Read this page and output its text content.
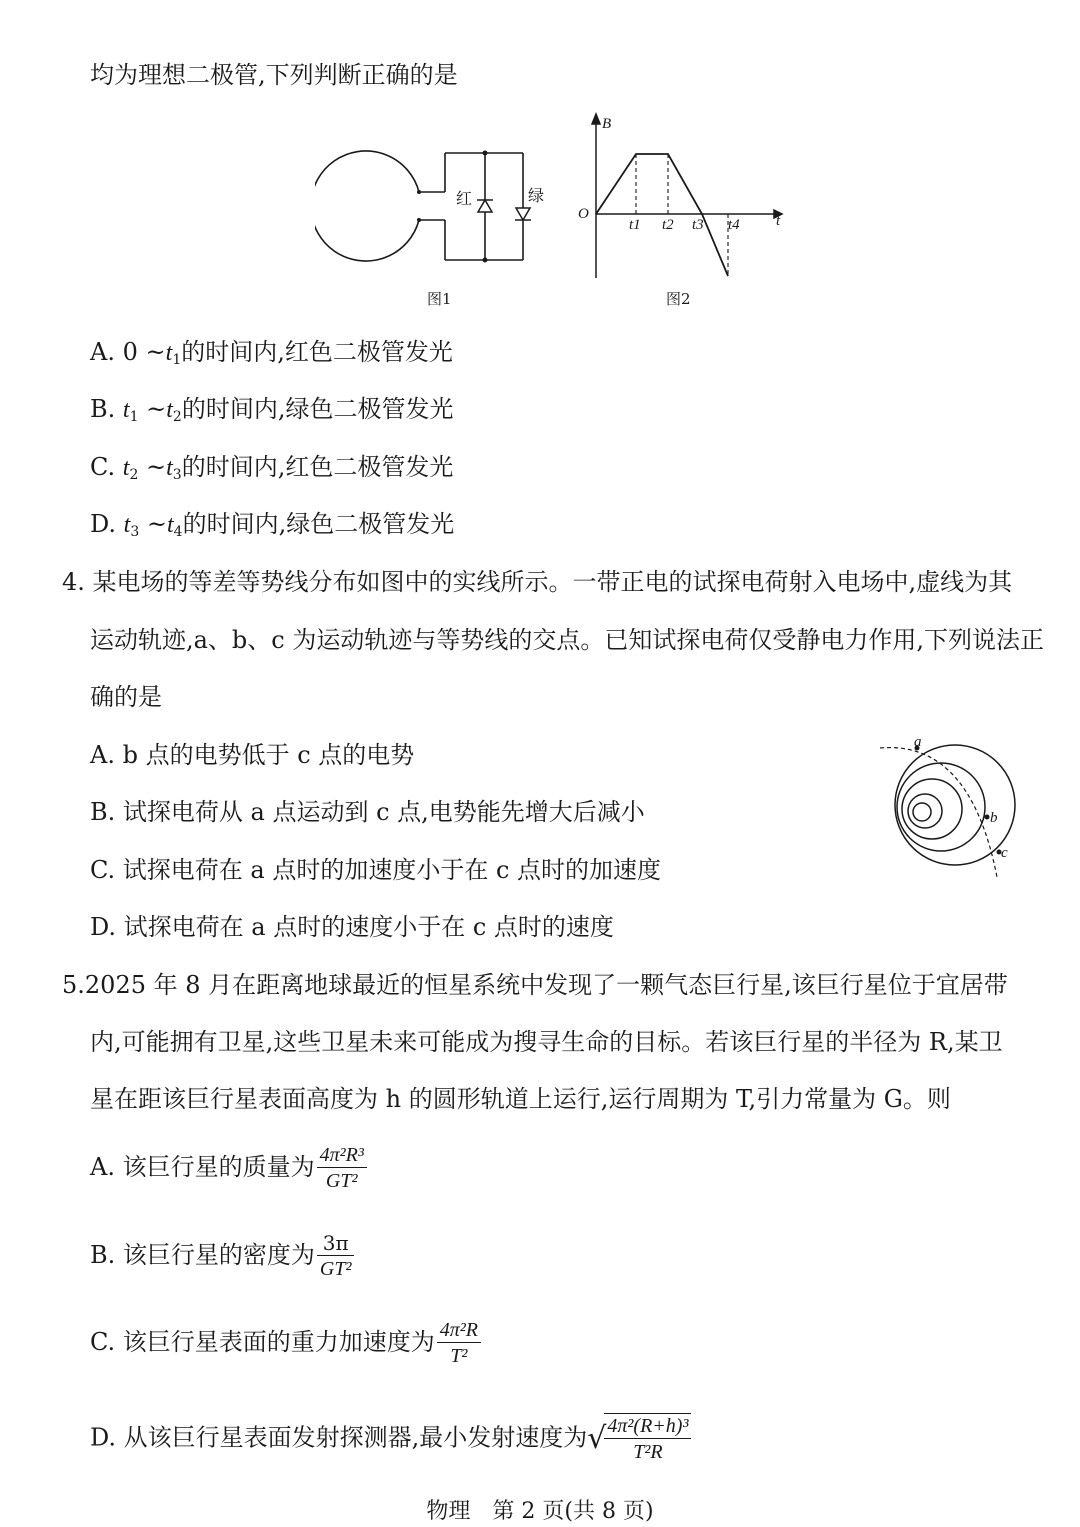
均为理想二极管,下列判断正确的是
红	绿
图1
B
t
O
t1 t2 t3 t4
图2
A. 0 $\sim t_1$的时间内,红色二极管发光
B. $t_1$ $\sim t_2$的时间内,绿色二极管发光
C. $t_2$ $\sim t_3$的时间内,红色二极管发光
D. $t_3$ $\sim t_4$的时间内,绿色二极管发光
4. 某电场的等差等势线分布如图中的实线所示。一带正电的试探电荷射入电场中,虚线为其
运动轨迹,a、b、c 为运动轨迹与等势线的交点。已知试探电荷仅受静电力作用,下列说法正
确的是
A. b 点的电势低于 c 点的电势
B. 试探电荷从 a 点运动到 c 点,电势能先增大后减小
C. 试探电荷在 a 点时的加速度小于在 c 点时的加速度
D. 试探电荷在 a 点时的速度小于在 c 点时的速度
a
b
c
5.2025 年 8 月在距离地球最近的恒星系统中发现了一颗气态巨行星,该巨行星位于宜居带
内,可能拥有卫星,这些卫星未来可能成为搜寻生命的目标。若该巨行星的半径为 R,某卫
星在距该巨行星表面高度为 h 的圆形轨道上运行,运行周期为 T,引力常量为 G。则
A. 该巨行星的质量为 $\frac{\text{4π²R³}}{\text{GT²}}$
B. 该巨行星的密度为 $\frac{3\pi}{\text{GT²}}$
C. 该巨行星表面的重力加速度为 $\frac{\text{4π²R}}{\text{T²}}$
D. 从该巨行星表面发射探测器,最小发射速度为√
$\frac{\text{4π²(R+h)³}}{\text{T²R}}$
物理　第 2 页(共 8 页)
